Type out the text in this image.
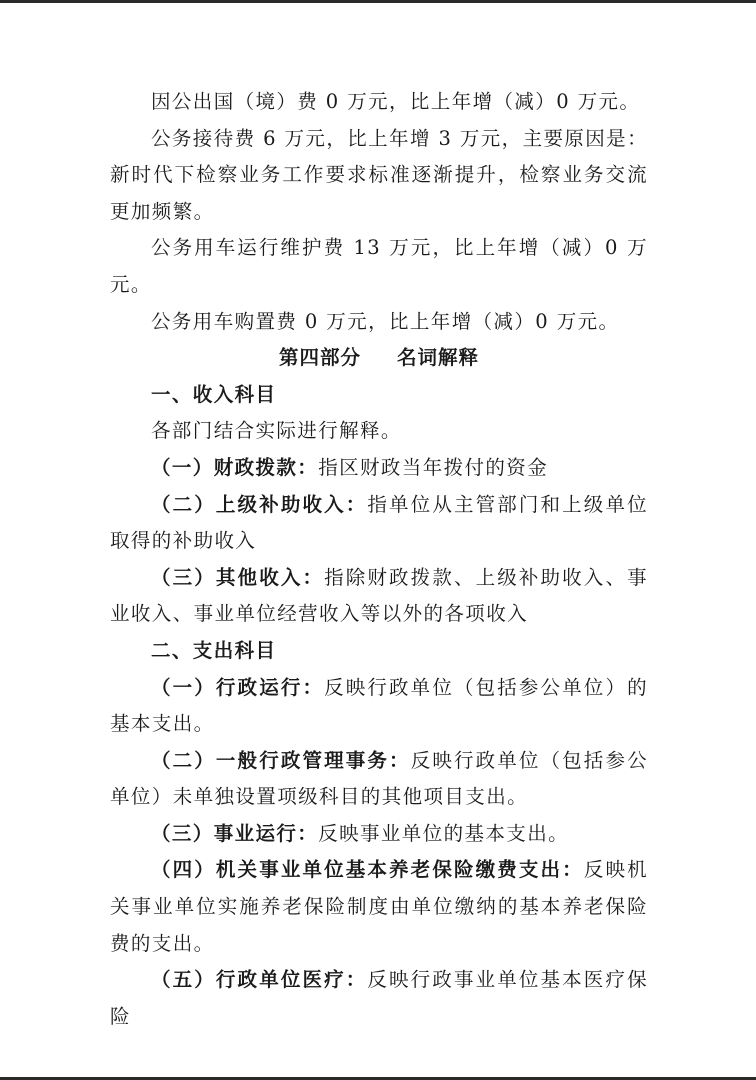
因公出国（境）费 0 万元，比上年增（减）0 万元。

公务接待费 6 万元，比上年增 3 万元，主要原因是：新时代下检察业务工作要求标准逐渐提升，检察业务交流更加频繁。

公务用车运行维护费 13 万元，比上年增（减）0 万元。

公务用车购置费 0 万元，比上年增（减）0 万元。

第四部分 名词解释

一、收入科目

各部门结合实际进行解释。

（一）财政拨款：指区财政当年拨付的资金

（二）上级补助收入：指单位从主管部门和上级单位取得的补助收入

（三）其他收入：指除财政拨款、上级补助收入、事业收入、事业单位经营收入等以外的各项收入

二、支出科目

（一）行政运行：反映行政单位（包括参公单位）的基本支出。

（二）一般行政管理事务：反映行政单位（包括参公单位）未单独设置项级科目的其他项目支出。

（三）事业运行：反映事业单位的基本支出。

（四）机关事业单位基本养老保险缴费支出：反映机关事业单位实施养老保险制度由单位缴纳的基本养老保险费的支出。

（五）行政单位医疗：反映行政事业单位基本医疗保险
